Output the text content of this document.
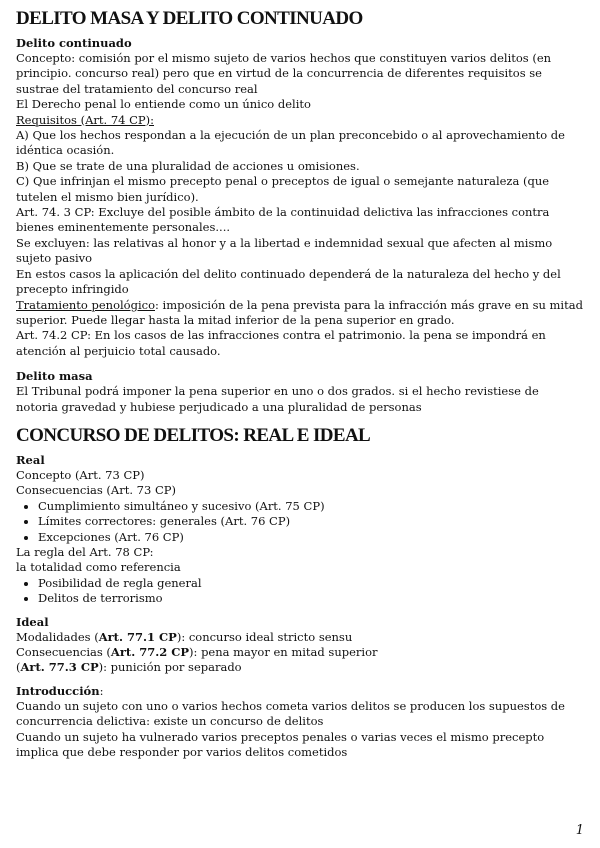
DELITO MASA Y DELITO CONTINUADO
Delito continuado

Concepto: comisión por el mismo sujeto de varios hechos que constituyen varios delitos (en principio. concurso real) pero que en virtud de la concurrencia de diferentes requisitos se sustrae del tratamiento del concurso real

El Derecho penal lo entiende como un único delito

Requisitos (Art. 74 CP):

A) Que los hechos respondan a la ejecución de un plan preconcebido o al aprovechamiento de idéntica ocasión.

B) Que se trate de una pluralidad de acciones u omisiones.

C) Que infrinjan el mismo precepto penal o preceptos de igual o semejante naturaleza (que tutelen el mismo bien jurídico).

Art. 74. 3 CP: Excluye del posible ámbito de la continuidad delictiva las infracciones contra bienes eminentemente personales....

Se excluyen: las relativas al honor y a la libertad e indemnidad sexual que afecten al mismo sujeto pasivo

En estos casos la aplicación del delito continuado dependerá de la naturaleza del hecho y del precepto infringido

Tratamiento penológico: imposición de la pena prevista para la infracción más grave en su mitad superior. Puede llegar hasta la mitad inferior de la pena superior en grado.

Art. 74.2 CP: En los casos de las infracciones contra el patrimonio. la pena se impondrá en atención al perjuicio total causado.

Delito masa

El Tribunal podrá imponer la pena superior en uno o dos grados. si el hecho revistiese de notoria gravedad y hubiese perjudicado a una pluralidad de personas

CONCURSO DE DELITOS: REAL E IDEAL
Real

Concepto (Art. 73 CP)

Consecuencias (Art. 73 CP)

• Cumplimiento simultáneo y sucesivo (Art. 75 CP)
• Límites correctores: generales (Art. 76 CP)
• Excepciones (Art. 76 CP)

La regla del Art. 78 CP:

la totalidad como referencia

• Posibilidad de regla general
• Delitos de terrorismo
Ideal

Modalidades (Art. 77.1 CP): concurso ideal stricto sensu

Consecuencias (Art. 77.2 CP): pena mayor en mitad superior

(Art. 77.3 CP): punición por separado

Introducción:

Cuando un sujeto con uno o varios hechos cometa varios delitos se producen los supuestos de concurrencia delictiva: existe un concurso de delitos

Cuando un sujeto ha vulnerado varios preceptos penales o varias veces el mismo precepto implica que debe responder por varios delitos cometidos

1
